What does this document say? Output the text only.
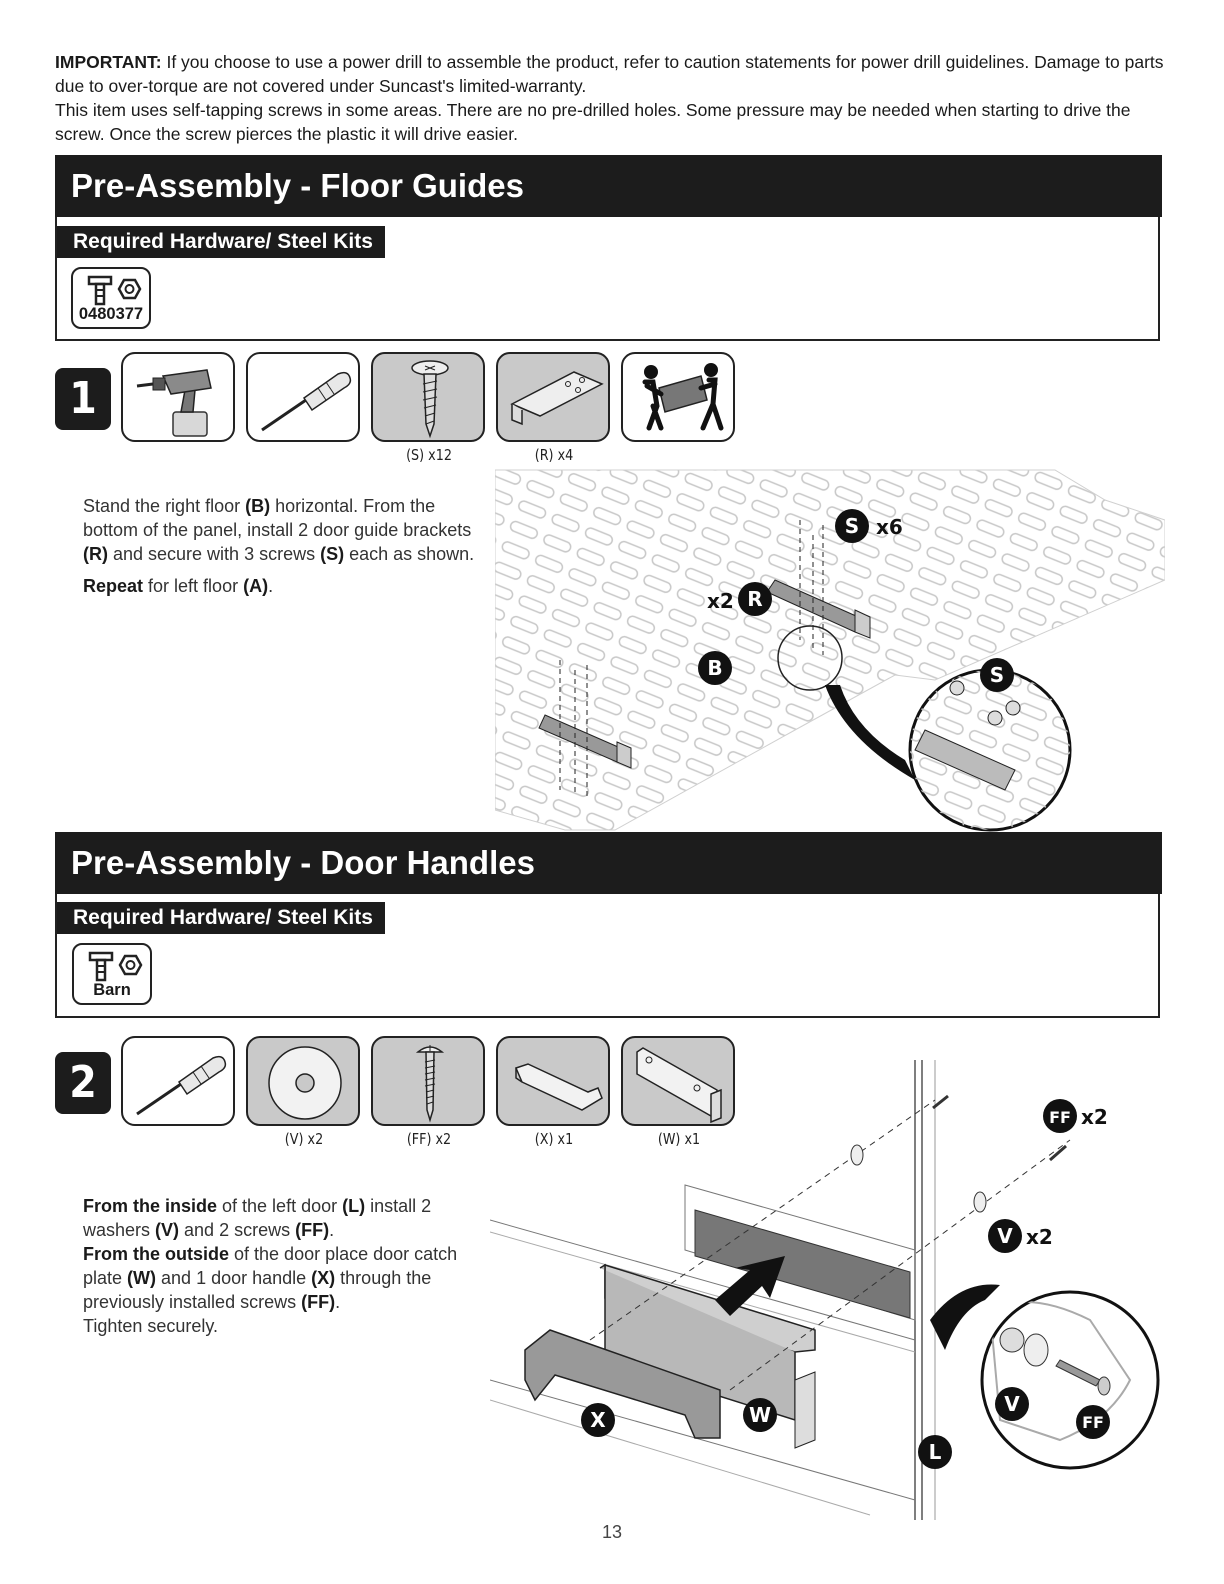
IMPORTANT: If you choose to use a power drill to assemble the product, refer to caution statements for power drill guidelines. Damage to parts due to over-torque are not covered under Suncast's limited-warranty.
This item uses self-tapping screws in some areas. There are no pre-drilled holes. Some pressure may be needed when starting to drive the screw. Once the screw pierces the plastic it will drive easier.
Pre-Assembly - Floor Guides
Required Hardware/ Steel Kits
0480377
1
(S) x12	(R) x4

Stand the right floor (B) horizontal. From the bottom of the panel, install 2 door guide brackets (R) and secure with 3 screws (S) each as shown.

Repeat for left floor (A).

S x6
x2 R
B	S
Pre-Assembly - Door Handles
Required Hardware/ Steel Kits
Barn
2
(V) x2	(FF) x2	(X) x1	(W) x1

From the inside of the left door (L) install 2 washers (V) and 2 screws (FF).

From the outside of the door place door catch plate (W) and 1 door handle (X) through the previously installed screws (FF).

Tighten securely.

FF x2
V x2
X	W
L
V
FF
13
